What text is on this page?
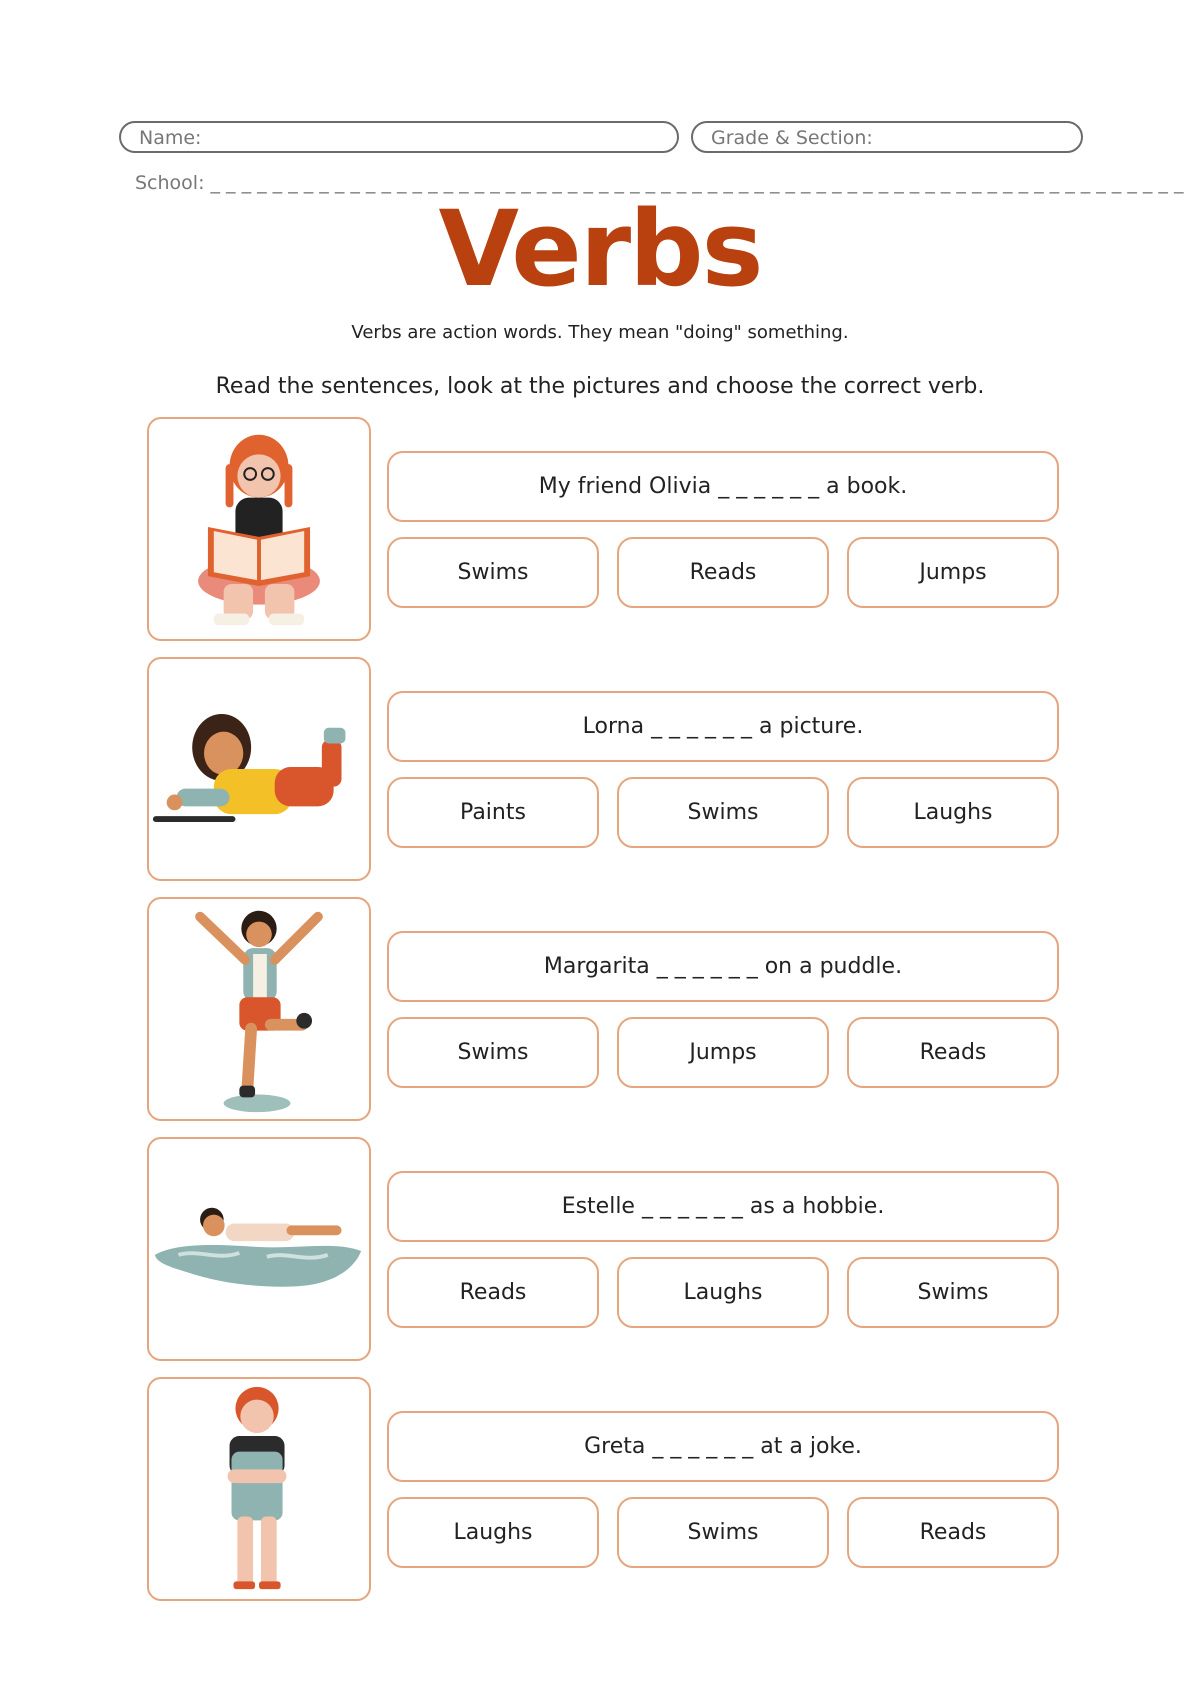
Name:	Grade & Section:
School: _ _ _ _ _ _ _ _ _ _ _ _ _ _ _ _ _ _ _ _ _ _ _ _ _ _ _ _ _ _ _ _ _ _ _ _ _ _ _ _ _ _ _ _ _ _ _ _ _ _ _ _ _ _ _ _ _ _ _ _ _ _ _
Verbs
Verbs are action words. They mean "doing" something.
Read the sentences, look at the pictures and choose the correct verb.
My friend Olivia _ _ _ _ _ _ a book.
Swims	Reads	Jumps
Lorna _ _ _ _ _ _ a picture.
Paints	Swims	Laughs
Margarita _ _ _ _ _ _ on a puddle.
Swims	Jumps	Reads
Estelle _ _ _ _ _ _ as a hobbie.
Reads	Laughs	Swims
Greta _ _ _ _ _ _ at a joke.
Laughs	Swims	Reads
